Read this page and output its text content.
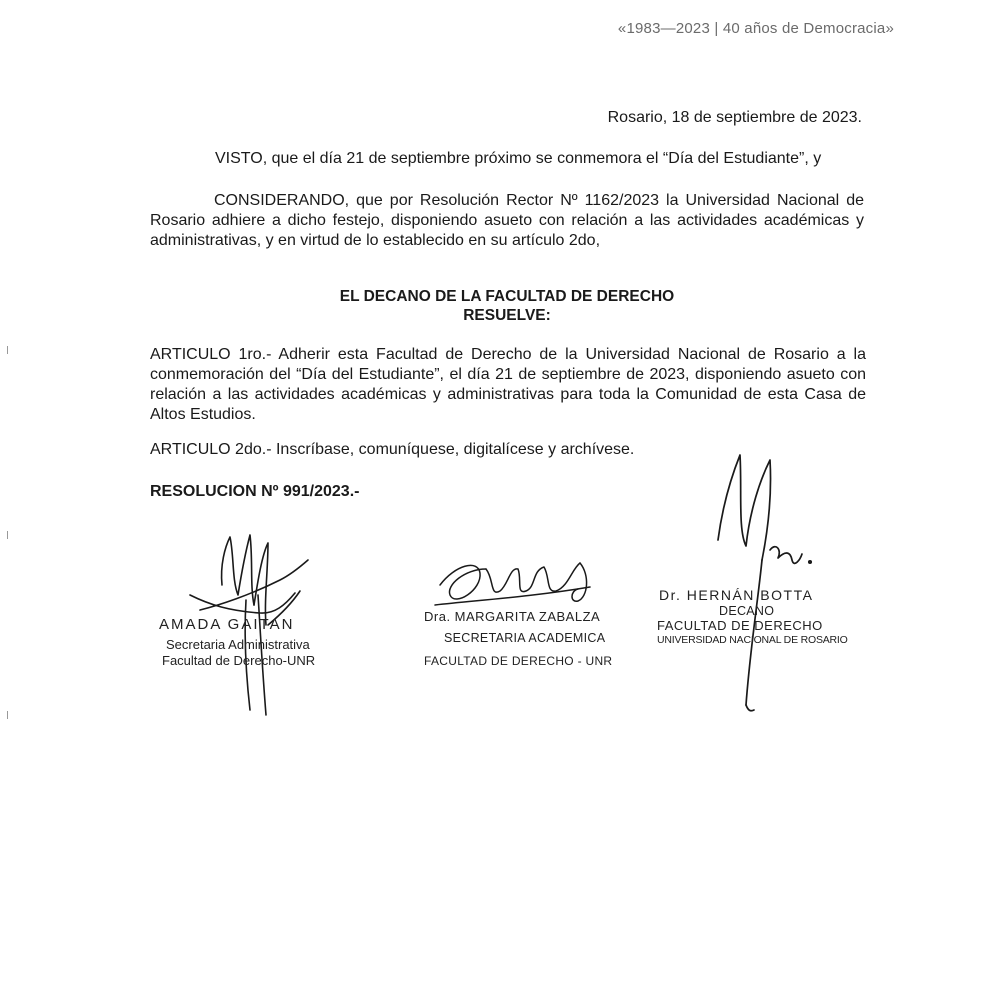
«1983—2023 | 40 años de Democracia»
Rosario, 18 de septiembre de 2023.
VISTO, que el día 21 de septiembre próximo se conmemora el “Día del Estudiante”, y
CONSIDERANDO, que por Resolución Rector Nº 1162/2023 la Universidad Nacional de Rosario adhiere a dicho festejo, disponiendo asueto con relación a las actividades académicas y administrativas, y en virtud de lo establecido en su artículo 2do,
EL DECANO DE LA FACULTAD DE DERECHO
RESUELVE:
ARTICULO 1ro.- Adherir esta Facultad de Derecho de la Universidad Nacional de Rosario a la conmemoración del “Día del Estudiante”, el día 21 de septiembre de 2023, disponiendo asueto con relación a las actividades académicas y administrativas para toda la Comunidad de esta Casa de Altos Estudios.
ARTICULO 2do.- Inscríbase, comuníquese, digitalícese y archívese.
RESOLUCION Nº 991/2023.-
AMADA GAITAN
Secretaria Administrativa
Facultad de Derecho-UNR
Dra. MARGARITA ZABALZA
SECRETARIA ACADEMICA
FACULTAD DE DERECHO - UNR
Dr. HERNÁN BOTTA
DECANO
FACULTAD DE DERECHO
UNIVERSIDAD NACIONAL DE ROSARIO
